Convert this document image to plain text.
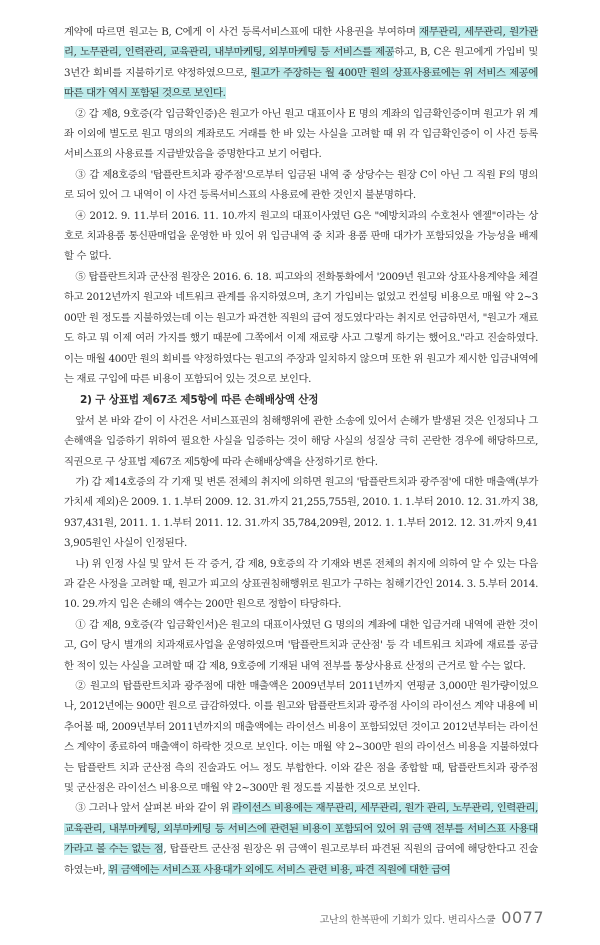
계약에 따르면 원고는 B, C에게 이 사건 등록서비스표에 대한 사용권을 부여하며 재무관리, 세무관리, 원가관리, 노무관리, 인력관리, 교육관리, 내부마케팅, 외부마케팅 등 서비스를 제공하고, B, C은 원고에게 가입비 및 3년간 회비를 지불하기로 약정하였으므로, 원고가 주장하는 월 400만 원의 상표사용료에는 위 서비스 제공에 따른 대가 역시 포함된 것으로 보인다.

② 갑 제8, 9호증(각 입금확인증)은 원고가 아닌 원고 대표이사 E 명의 계좌의 입금확인증이며 원고가 위 계좌 이외에 별도로 원고 명의의 계좌로도 거래를 한 바 있는 사실을 고려할 때 위 각 입금확인증이 이 사건 등록서비스표의 사용료를 지급받았음을 증명한다고 보기 어렵다.

③ 갑 제8호증의 '탑플란트치과 광주점'으로부터 입금된 내역 중 상당수는 원장 C이 아닌 그 직원 F의 명의로 되어 있어 그 내역이 이 사건 등록서비스표의 사용료에 관한 것인지 불분명하다.

④ 2012. 9. 11.부터 2016. 11. 10.까지 원고의 대표이사였던 G은 "예방치과의 수호천사 엔젤"이라는 상호로 치과용품 통신판매업을 운영한 바 있어 위 입금내역 중 치과 용품 판매 대가가 포함되었을 가능성을 배제할 수 없다.

⑤ 탑플란트치과 군산점 원장은 2016. 6. 18. 피고와의 전화통화에서 '2009년 원고와 상표사용계약을 체결하고 2012년까지 원고와 네트워크 관계를 유지하였으며, 초기 가입비는 없었고 컨설팅 비용으로 매월 약 2~300만 원 정도를 지불하였는데 이는 원고가 파견한 직원의 급여 정도였다'라는 취지로 언급하면서, "원고가 재료도 하고 뭐 이제 여러 가지를 했기 때문에 그쪽에서 이제 재료량 사고 그렇게 하기는 했어요."라고 진술하였다. 이는 매월 400만 원의 회비를 약정하였다는 원고의 주장과 일치하지 않으며 또한 위 원고가 제시한 입금내역에는 재료 구입에 따른 비용이 포함되어 있는 것으로 보인다.

2) 구 상표법 제67조 제5항에 따른 손해배상액 산정

앞서 본 바와 같이 이 사건은 서비스표권의 침해행위에 관한 소송에 있어서 손해가 발생된 것은 인정되나 그 손해액을 입증하기 위하여 필요한 사실을 입증하는 것이 해당 사실의 성질상 극히 곤란한 경우에 해당하므로, 직권으로 구 상표법 제67조 제5항에 따라 손해배상액을 산정하기로 한다.

가) 갑 제14호증의 각 기재 및 변론 전체의 취지에 의하면 원고의 '탑플란트치과 광주점'에 대한 매출액(부가가치세 제외)은 2009. 1. 1.부터 2009. 12. 31.까지 21,255,755원, 2010. 1. 1.부터 2010. 12. 31.까지 38,937,431원, 2011. 1. 1.부터 2011. 12. 31.까지 35,784,209원, 2012. 1. 1.부터 2012. 12. 31.까지 9,413,905원인 사실이 인정된다.

나) 위 인정 사실 및 앞서 든 각 증거, 갑 제8, 9호증의 각 기재와 변론 전체의 취지에 의하여 알 수 있는 다음과 같은 사정을 고려할 때, 원고가 피고의 상표권침해행위로 원고가 구하는 침해기간인 2014. 3. 5.부터 2014. 10. 29.까지 입은 손해의 액수는 200만 원으로 정함이 타당하다.

① 갑 제8, 9호증(각 입금확인서)은 원고의 대표이사였던 G 명의의 계좌에 대한 입금거래 내역에 관한 것이고, G이 당시 별개의 치과재료사업을 운영하였으며 '탑플란트치과 군산점' 등 각 네트워크 치과에 재료를 공급한 적이 있는 사실을 고려할 때 갑 제8, 9호증에 기재된 내역 전부를 통상사용료 산정의 근거로 할 수는 없다.

② 원고의 탑플란트치과 광주점에 대한 매출액은 2009년부터 2011년까지 연평균 3,000만 원가량이었으나, 2012년에는 900만 원으로 급감하였다. 이를 원고와 탑플란트치과 광주점 사이의 라이선스 계약 내용에 비추어볼 때, 2009년부터 2011년까지의 매출액에는 라이선스 비용이 포함되었던 것이고 2012년부터는 라이선스 계약이 종료하여 매출액이 하락한 것으로 보인다. 이는 매월 약 2~300만 원의 라이선스 비용을 지불하였다는 탑플란트 치과 군산점 측의 진술과도 어느 정도 부합한다. 이와 같은 점을 종합할 때, 탑플란트치과 광주점 및 군산점은 라이선스 비용으로 매월 약 2~300만 원 정도를 지불한 것으로 보인다.

③ 그러나 앞서 살펴본 바와 같이 위 라이선스 비용에는 재무관리, 세무관리, 원가 관리, 노무관리, 인력관리, 교육관리, 내부마케팅, 외부마케팅 등 서비스에 관련된 비용이 포함되어 있어 위 금액 전부를 서비스표 사용대가라고 볼 수는 없는 점, 탑플란트 군산점 원장은 위 금액이 원고로부터 파견된 직원의 급여에 해당한다고 진술하였는바, 위 금액에는 서비스표 사용대가 외에도 서비스 관련 비용, 파견 직원에 대한 급여

고난의 한복판에 기회가 있다. 변리사스쿨 0077
